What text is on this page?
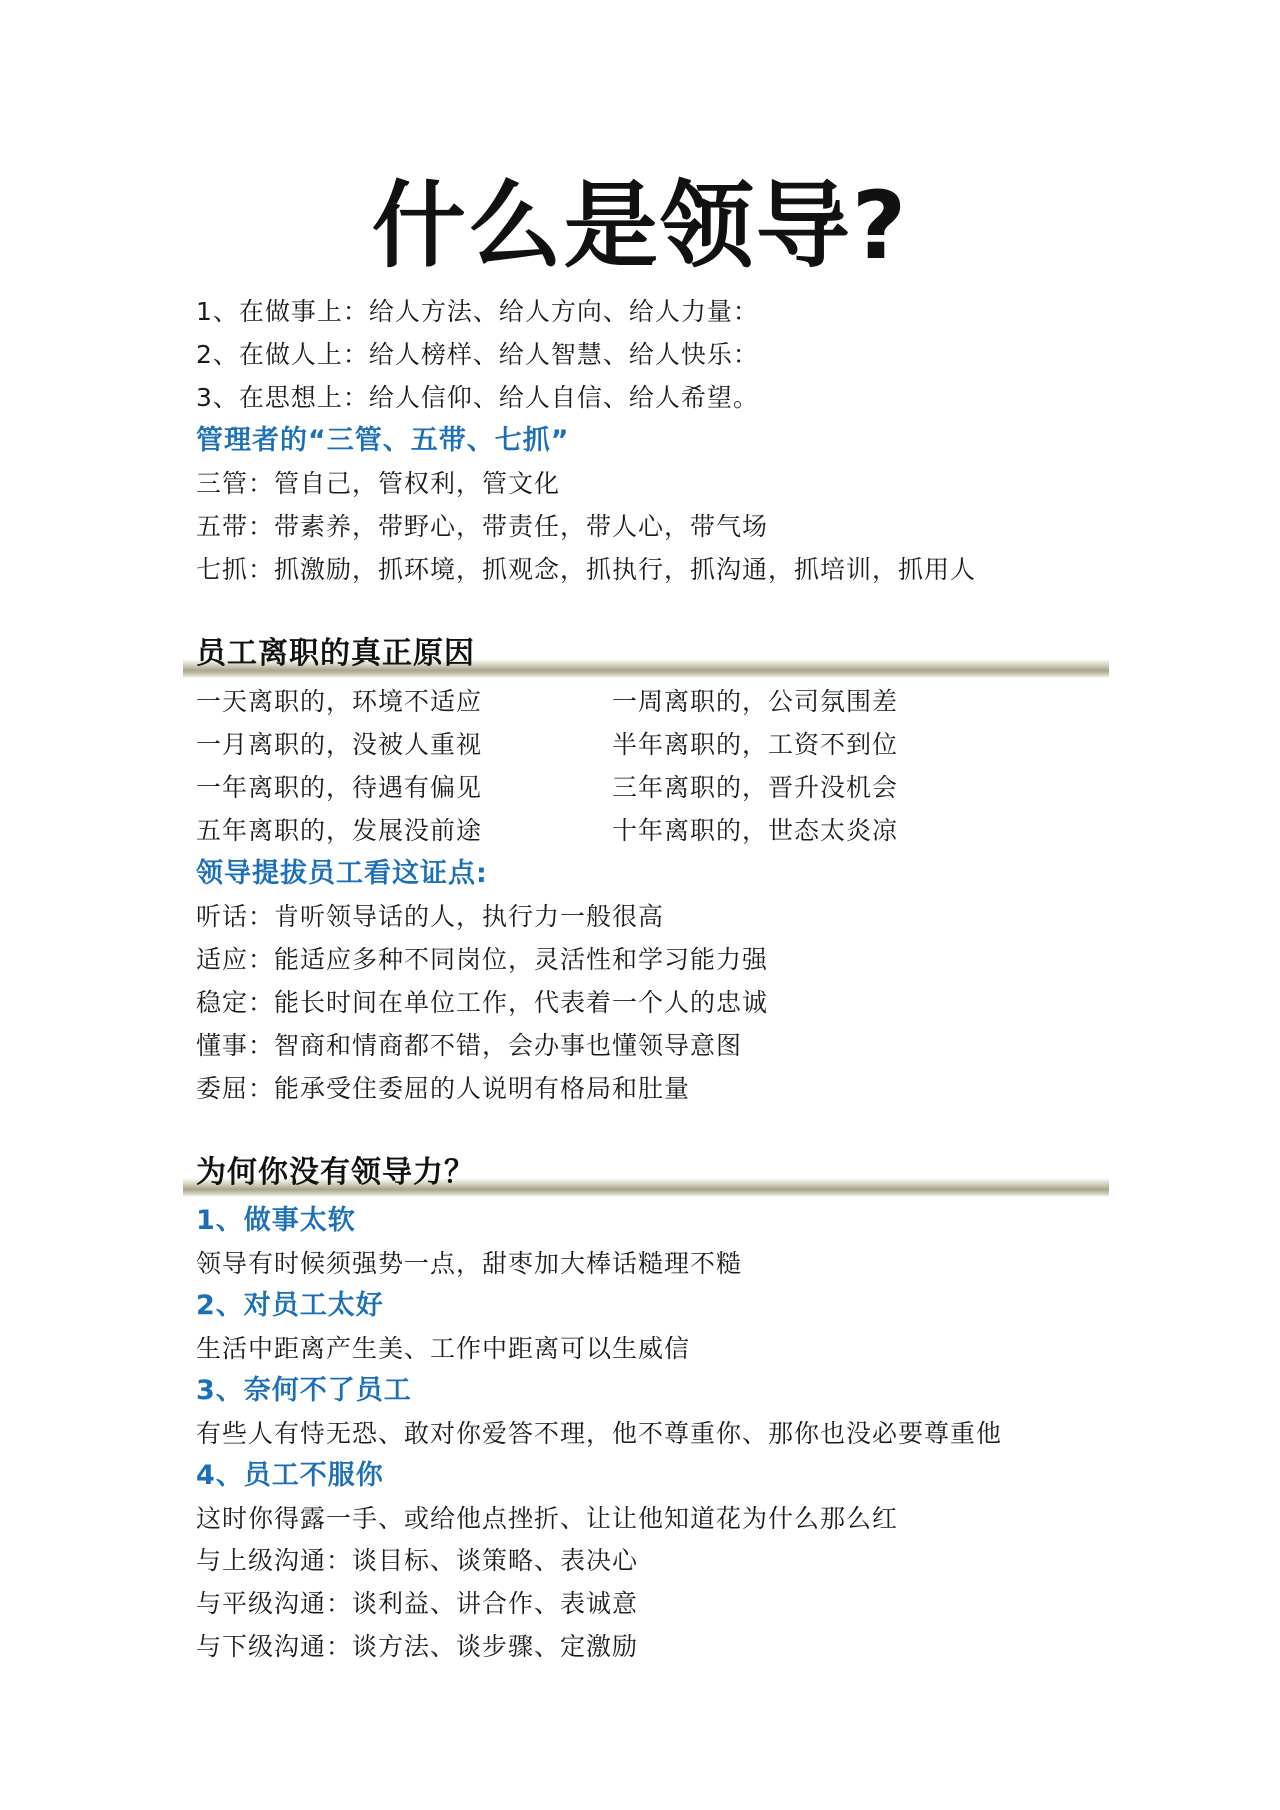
什么是领导?
1、在做事上：给人方法、给人方向、给人力量：
2、在做人上：给人榜样、给人智慧、给人快乐：
3、在思想上：给人信仰、给人自信、给人希望。
管理者的“三管、五带、七抓”
三管：管自己，管权利，管文化
五带：带素养，带野心，带责任，带人心，带气场
七抓：抓激励，抓环境，抓观念，抓执行，抓沟通，抓培训，抓用人
员工离职的真正原因
一天离职的，环境不适应	一周离职的，公司氛围差
一月离职的，没被人重视	半年离职的，工资不到位
一年离职的，待遇有偏见	三年离职的，晋升没机会
五年离职的，发展没前途	十年离职的，世态太炎凉
领导提拔员工看这证点:
听话：肯听领导话的人，执行力一般很高
适应：能适应多种不同岗位，灵活性和学习能力强
稳定：能长时间在单位工作，代表着一个人的忠诚
懂事：智商和情商都不错，会办事也懂领导意图
委屈：能承受住委屈的人说明有格局和肚量
为何你没有领导力？
1、做事太软
领导有时候须强势一点，甜枣加大棒话糙理不糙
2、对员工太好
生活中距离产生美、工作中距离可以生威信
3、奈何不了员工
有些人有恃无恐、敢对你爱答不理，他不尊重你、那你也没必要尊重他
4、员工不服你
这时你得露一手、或给他点挫折、让让他知道花为什么那么红
与上级沟通：谈目标、谈策略、表决心
与平级沟通：谈利益、讲合作、表诚意
与下级沟通：谈方法、谈步骤、定激励
